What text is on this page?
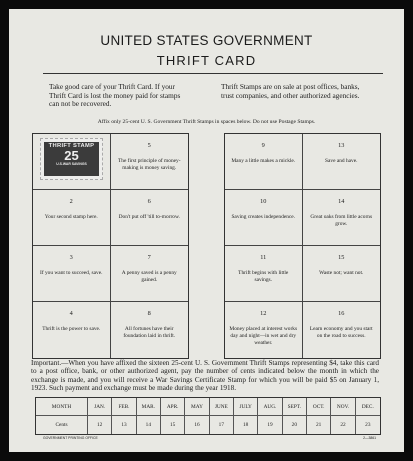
UNITED STATES GOVERNMENT
THRIFT CARD
Take good care of your Thrift Card. If your Thrift Card is lost the money paid for stamps can not be recovered.
Thrift Stamps are on sale at post offices, banks, trust companies, and other authorized agencies.
Affix only 25-cent U. S. Government Thrift Stamps in spaces below. Do not use Postage Stamps.
THRIFT STAMP
25
U.S.WAR SAVINGS
5
The first principle of money-making is money saving.
2
Your second stamp here.
6
Don't put off 'till to-morrow.
3
If you want to succeed, save.
7
A penny saved is a penny gained.
4
Thrift is the power to save.
8
All fortunes have their foundation laid in thrift.
9
Many a little makes a mickle.
13
Save and have.
10
Saving creates independence.
14
Great oaks from little acorns grow.
11
Thrift begins with little savings.
15
Waste not; want not.
12
Money placed at interest works day and night—in wet and dry weather.
16
Learn economy and you start on the road to success.
Important.—When you have affixed the sixteen 25-cent U. S. Government Thrift Stamps representing $4, take this card to a post office, bank, or other authorized agent, pay the number of cents indicated below the month in which the exchange is made, and you will receive a War Savings Certificate Stamp for which you will be paid $5 on January 1, 1923. Such payment and exchange must be made during the year 1918.
MONTH	JAN.	FEB.	MAR.	APR.	MAY	JUNE	JULY	AUG.	SEPT.	OCT.	NOV.	DEC.
Cents	12	13	14	15	16	17	18	19	20	21	22	23
GOVERNMENT PRINTING OFFICE	2—3861
